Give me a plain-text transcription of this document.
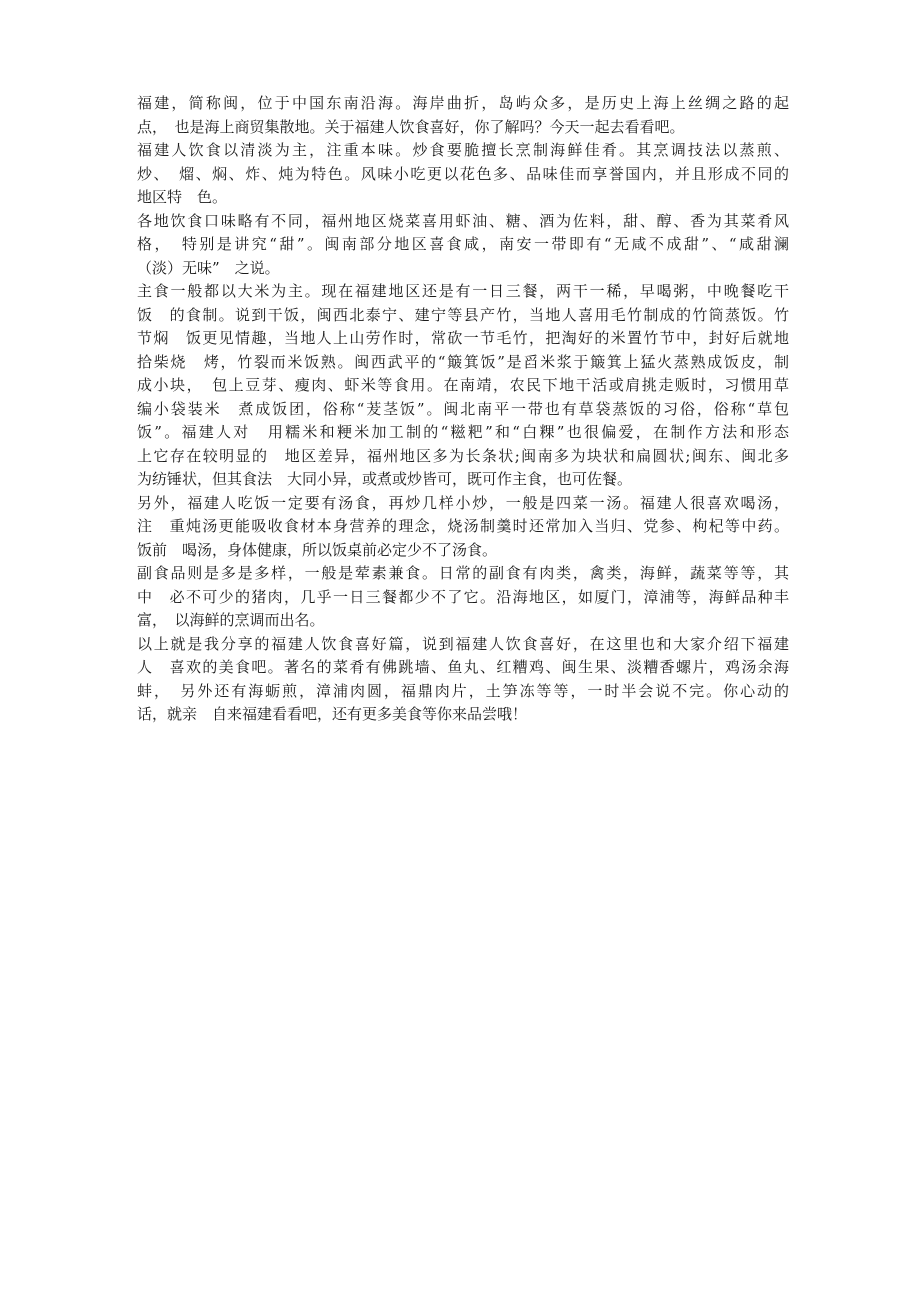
福建，简称闽，位于中国东南沿海。海岸曲折，岛屿众多，是历史上海上丝绸之路的起
点，　也是海上商贸集散地。关于福建人饮食喜好，你了解吗？今天一起去看看吧。
福建人饮食以清淡为主，注重本味。炒食要脆擅长烹制海鲜佳肴。其烹调技法以蒸煎、
炒、　熘、焖、炸、炖为特色。风味小吃更以花色多、品味佳而享誉国内，并且形成不同的
地区特　色。
各地饮食口味略有不同，福州地区烧菜喜用虾油、糖、酒为佐料，甜、醇、香为其菜肴风
格，　特别是讲究“甜”。闽南部分地区喜食咸，南安一带即有“无咸不成甜”、“咸甜澜
（淡）无味”　之说。
主食一般都以大米为主。现在福建地区还是有一日三餐，两干一稀，早喝粥，中晚餐吃干
饭　的食制。说到干饭，闽西北泰宁、建宁等县产竹，当地人喜用毛竹制成的竹筒蒸饭。竹
节焖　饭更见情趣，当地人上山劳作时，常砍一节毛竹，把淘好的米置竹节中，封好后就地
拾柴烧　烤，竹裂而米饭熟。闽西武平的“簸箕饭”是舀米浆于簸箕上猛火蒸熟成饭皮，制
成小块，　包上豆芽、瘦肉、虾米等食用。在南靖，农民下地干活或肩挑走贩时，习惯用草
编小袋装米　煮成饭团，俗称“茇茎饭”。闽北南平一带也有草袋蒸饭的习俗，俗称“草包
饭”。福建人对　用糯米和粳米加工制的“糍粑”和“白粿”也很偏爱，在制作方法和形态
上它存在较明显的　地区差异，福州地区多为长条状;闽南多为块状和扁圆状;闽东、闽北多
为纺锤状，但其食法　大同小异，或煮或炒皆可，既可作主食，也可佐餐。
另外，福建人吃饭一定要有汤食，再炒几样小炒，一般是四菜一汤。福建人很喜欢喝汤，
注　重炖汤更能吸收食材本身营养的理念，烧汤制羹时还常加入当归、党参、枸杞等中药。
饭前　喝汤，身体健康，所以饭桌前必定少不了汤食。
副食品则是多是多样，一般是荤素兼食。日常的副食有肉类，禽类，海鲜，蔬菜等等，其
中　必不可少的猪肉，几乎一日三餐都少不了它。沿海地区，如厦门，漳浦等，海鲜品种丰
富，　以海鲜的烹调而出名。
以上就是我分享的福建人饮食喜好篇，说到福建人饮食喜好，在这里也和大家介绍下福建
人　喜欢的美食吧。著名的菜肴有佛跳墙、鱼丸、红糟鸡、闽生果、淡糟香螺片，鸡汤余海
蚌，　另外还有海蛎煎，漳浦肉圆，福鼎肉片，土笋冻等等，一时半会说不完。你心动的
话，就亲　自来福建看看吧，还有更多美食等你来品尝哦！
